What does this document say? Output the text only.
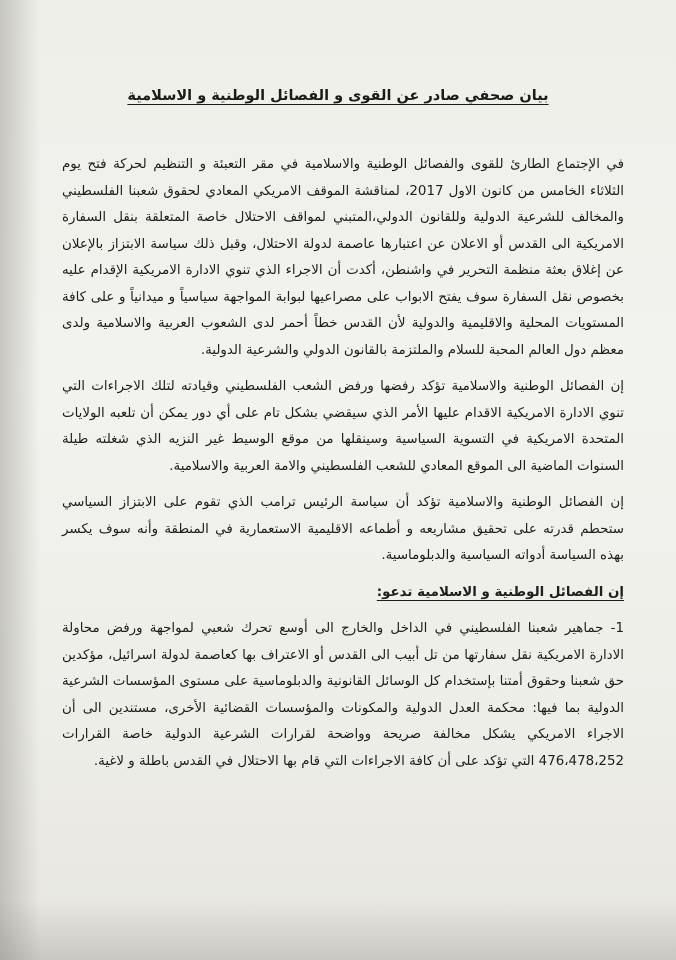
بيان صحفي صادر عن القوى و الفصائل الوطنية و الاسلامية

في الإجتماع الطارئ للقوى والفصائل الوطنية والاسلامية في مقر التعبئة و التنظيم لحركة فتح يوم الثلاثاء الخامس من كانون الاول 2017، لمناقشة الموقف الامريكي المعادي لحقوق شعبنا الفلسطيني والمخالف للشرعية الدولية وللقانون الدولي،المتبني لمواقف الاحتلال خاصة المتعلقة بنقل السفارة الامريكية الى القدس أو الاعلان عن اعتبارها عاصمة لدولة الاحتلال، وقبل ذلك سياسة الابتزاز بالإعلان عن إغلاق بعثة منظمة التحرير في واشنطن، أكدت أن الاجراء الذي تنوي الادارة الامريكية الإقدام عليه بخصوص نقل السفارة سوف يفتح الابواب على مصراعيها لبوابة المواجهة سياسياً و ميدانياً و على كافة المستويات المحلية والاقليمية والدولية لأن القدس خطاً أحمر لدى الشعوب العربية والاسلامية ولدى معظم دول العالم المحبة للسلام والملتزمة بالقانون الدولي والشرعية الدولية.

إن الفصائل الوطنية والاسلامية تؤكد رفضها ورفض الشعب الفلسطيني وقيادته لتلك الاجراءات التي تنوي الادارة الامريكية الاقدام عليها الأمر الذي سيقضي بشكل تام على أي دور يمكن أن تلعبه الولايات المتحدة الامريكية في التسوية السياسية وسينقلها من موقع الوسيط غير النزيه الذي شغلته طيلة السنوات الماضية الى الموقع المعادي للشعب الفلسطيني والامة العربية والاسلامية.

إن الفصائل الوطنية والاسلامية تؤكد أن سياسة الرئيس ترامب الذي تقوم على الابتزاز السياسي ستحطم قدرته على تحقيق مشاريعه و أطماعه الاقليمية الاستعمارية في المنطقة وأنه سوف يكسر بهذه السياسة أدواته السياسية والدبلوماسية.

إن الفصائل الوطنية و الاسلامية تدعو:

1- جماهير شعبنا الفلسطيني في الداخل والخارج الى أوسع تحرك شعبي لمواجهة ورفض محاولة الادارة الامريكية نقل سفارتها من تل أبيب الى القدس أو الاعتراف بها كعاصمة لدولة اسرائيل، مؤكدين حق شعبنا وحقوق أمتنا بإستخدام كل الوسائل القانونية والدبلوماسية على مستوى المؤسسات الشرعية الدولية بما فيها: محكمة العدل الدولية والمكونات والمؤسسات القضائية الأخرى، مستندين الى أن الاجراء الامريكي يشكل مخالفة صريحة وواضحة لقرارات الشرعية الدولية خاصة القرارات 476،478،252 التي تؤكد على أن كافة الاجراءات التي قام بها الاحتلال في القدس باطلة و لاغية.
